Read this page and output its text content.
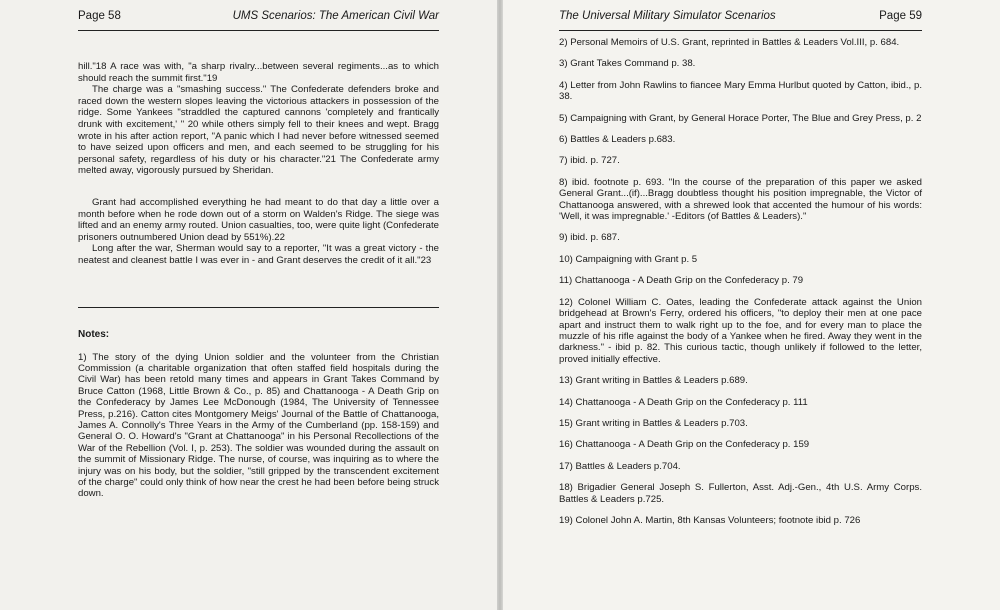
Page 58	UMS Scenarios: The American Civil War

hill."18 A race was with, "a sharp rivalry...between several regiments...as to which should reach the summit first."19

The charge was a "smashing success." The Confederate defenders broke and raced down the western slopes leaving the victorious attackers in possession of the ridge. Some Yankees "straddled the captured cannons 'completely and frantically drunk with excitement,' " 20 while others simply fell to their knees and wept. Bragg wrote in his after action report, "A panic which I had never before witnessed seemed to have seized upon officers and men, and each seemed to be struggling for his personal safety, regardless of his duty or his character."21 The Confederate army melted away, vigorously pursued by Sheridan.

Grant had accomplished everything he had meant to do that day a little over a month before when he rode down out of a storm on Walden's Ridge. The siege was lifted and an enemy army routed. Union casualties, too, were quite light (Confederate prisoners outnumbered Union dead by 551%).22

Long after the war, Sherman would say to a reporter, "It was a great victory - the neatest and cleanest battle I was ever in - and Grant deserves the credit of it all."23

Notes:

1) The story of the dying Union soldier and the volunteer from the Christian Commission (a charitable organization that often staffed field hospitals during the Civil War) has been retold many times and appears in Grant Takes Command by Bruce Catton (1968, Little Brown & Co., p. 85) and Chattanooga - A Death Grip on the Confederacy by James Lee McDonough (1984, The University of Tennessee Press, p.216). Catton cites Montgomery Meigs' Journal of the Battle of Chattanooga, James A. Connolly's Three Years in the Army of the Cumberland (pp. 158-159) and General O. O. Howard's "Grant at Chattanooga" in his Personal Recollections of the War of the Rebellion (Vol. I, p. 253). The soldier was wounded during the assault on the summit of Missionary Ridge. The nurse, of course, was inquiring as to where the injury was on his body, but the soldier, "still gripped by the transcendent excitement of the charge" could only think of how near the crest he had been before being struck down.

The Universal Military Simulator Scenarios	Page 59

2) Personal Memoirs of U.S. Grant, reprinted in Battles & Leaders Vol.III, p. 684.

3) Grant Takes Command p. 38.

4) Letter from John Rawlins to fiancee Mary Emma Hurlbut quoted by Catton, ibid., p. 38.

5) Campaigning with Grant, by General Horace Porter, The Blue and Grey Press, p. 2

6) Battles & Leaders p.683.

7) ibid. p. 727.

8) ibid. footnote p. 693. "In the course of the preparation of this paper we asked General Grant...(if)...Bragg doubtless thought his position impregnable, the Victor of Chattanooga answered, with a shrewed look that accented the humour of his words: 'Well, it was impregnable.' -Editors (of Battles & Leaders)."

9) ibid. p. 687.

10) Campaigning with Grant p. 5

11) Chattanooga - A Death Grip on the Confederacy p. 79

12) Colonel William C. Oates, leading the Confederate attack against the Union bridgehead at Brown's Ferry, ordered his officers, "to deploy their men at one pace apart and instruct them to walk right up to the foe, and for every man to place the muzzle of his rifle against the body of a Yankee when he fired. Away they went in the darkness." - ibid p. 82. This curious tactic, though unlikely if followed to the letter, proved initially effective.

13) Grant writing in Battles & Leaders p.689.

14) Chattanooga - A Death Grip on the Confederacy p. 111

15) Grant writing in Battles & Leaders p.703.

16) Chattanooga - A Death Grip on the Confederacy p. 159

17) Battles & Leaders p.704.

18) Brigadier General Joseph S. Fullerton, Asst. Adj.-Gen., 4th U.S. Army Corps. Battles & Leaders p.725.

19) Colonel John A. Martin, 8th Kansas Volunteers; footnote ibid p. 726
